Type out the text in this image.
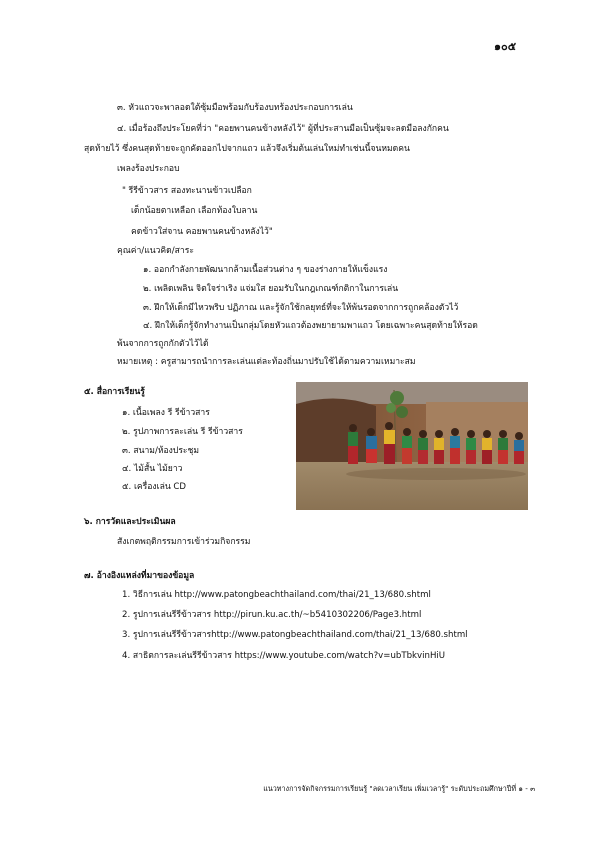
๑๐๕
๓. หัวแถวจะพาลอดใต้ซุ้มมือพร้อมกับร้องบทร้องประกอบการเล่น
๔. เมื่อร้องถึงประโยคที่ว่า "คอยพานคนข้างหลังไว้" ผู้ที่ประสานมือเป็นซุ้มจะลดมือลงกักคน
สุดท้ายไว้ ซึ่งคนสุดท้ายจะถูกคัดออกไปจากแถว แล้วจึงเริ่มต้นเล่นใหม่ทำเช่นนี้จนหมดคน
เพลงร้องประกอบ
" รีรีข้าวสาร สองทะนานข้าวเปลือก
เด็กน้อยตาเหลือก เลือกท้องใบลาน
คดข้าวใส่จาน คอยพานคนข้างหลังไว้"
คุณค่า/แนวคิด/สาระ
๑. ออกกำลังกายพัฒนากล้ามเนื้อส่วนต่าง ๆ ของร่างกายให้แข็งแรง
๒. เพลิดเพลิน จิตใจร่าเริง แจ่มใส ยอมรับในกฎเกณฑ์กติกาในการเล่น
๓. ฝึกให้เด็กมีไหวพริบ ปฏิภาณ และรู้จักใช้กลยุทธ์ที่จะให้พ้นรอดจากการถูกคล้องตัวไว้
๔. ฝึกให้เด็กรู้จักทำงานเป็นกลุ่มโดยหัวแถวต้องพยายามพาแถว โดยเฉพาะคนสุดท้ายให้รอด
พ้นจากการถูกกักตัวไว้ได้
หมายเหตุ : ครูสามารถนำการละเล่นแต่ละท้องถิ่นมาปรับใช้ได้ตามความเหมาะสม
๕. สื่อการเรียนรู้
๑. เนื้อเพลง รี รีข้าวสาร
๒. รูปภาพการละเล่น รี รีข้าวสาร
๓. สนาม/ห้องประชุม
๔. ไม้สั้น ไม้ยาว
๕. เครื่องเล่น CD
๖. การวัดและประเมินผล
สังเกตพฤติกรรมการเข้าร่วมกิจกรรม
๗. อ้างอิงแหล่งที่มาของข้อมูล
1. วิธีการเล่น http://www.patongbeachthailand.com/thai/21_13/680.shtml
2. รูปการเล่นรีรีข้าวสาร http://pirun.ku.ac.th/~b5410302206/Page3.html
3. รูปการเล่นรีรีข้าวสารhttp://www.patongbeachthailand.com/thai/21_13/680.shtml
4. สาธิตการละเล่นรีรีข้าวสาร https://www.youtube.com/watch?v=ubTbkvinHiU
แนวทางการจัดกิจกรรมการเรียนรู้ "ลดเวลาเรียน เพิ่มเวลารู้" ระดับประถมศึกษาปีที่ ๑ - ๓
